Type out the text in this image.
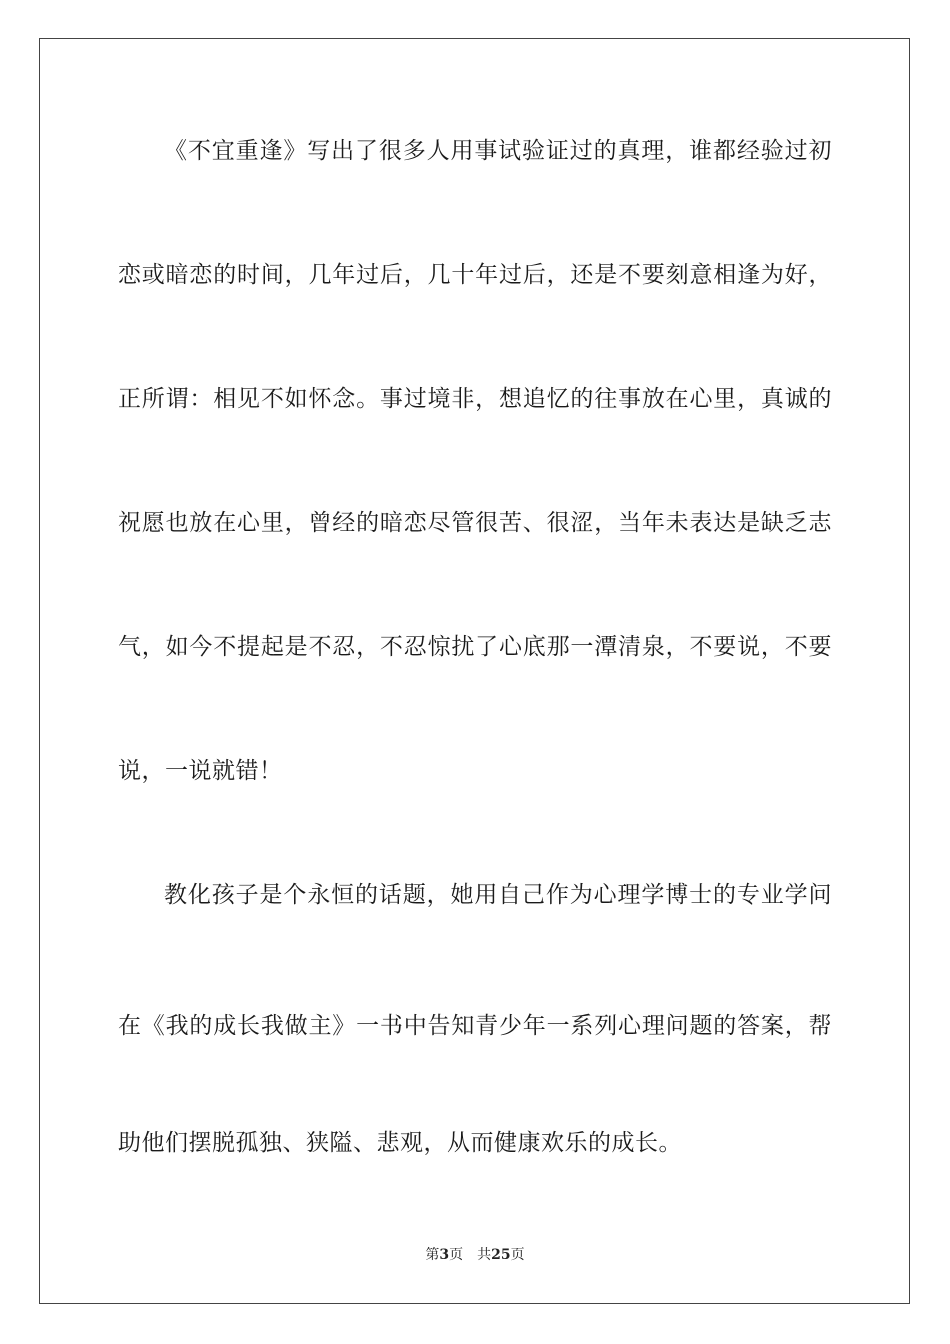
《不宜重逢》写出了很多人用事试验证过的真理，谁都经验过初
恋或暗恋的时间，几年过后，几十年过后，还是不要刻意相逢为好，
正所谓：相见不如怀念。事过境非，想追忆的往事放在心里，真诚的
祝愿也放在心里，曾经的暗恋尽管很苦、很涩，当年未表达是缺乏志
气，如今不提起是不忍，不忍惊扰了心底那一潭清泉，不要说，不要
说，一说就错！
教化孩子是个永恒的话题，她用自己作为心理学博士的专业学问
在《我的成长我做主》一书中告知青少年一系列心理问题的答案，帮
助他们摆脱孤独、狭隘、悲观，从而健康欢乐的成长。
第3页 共25页
